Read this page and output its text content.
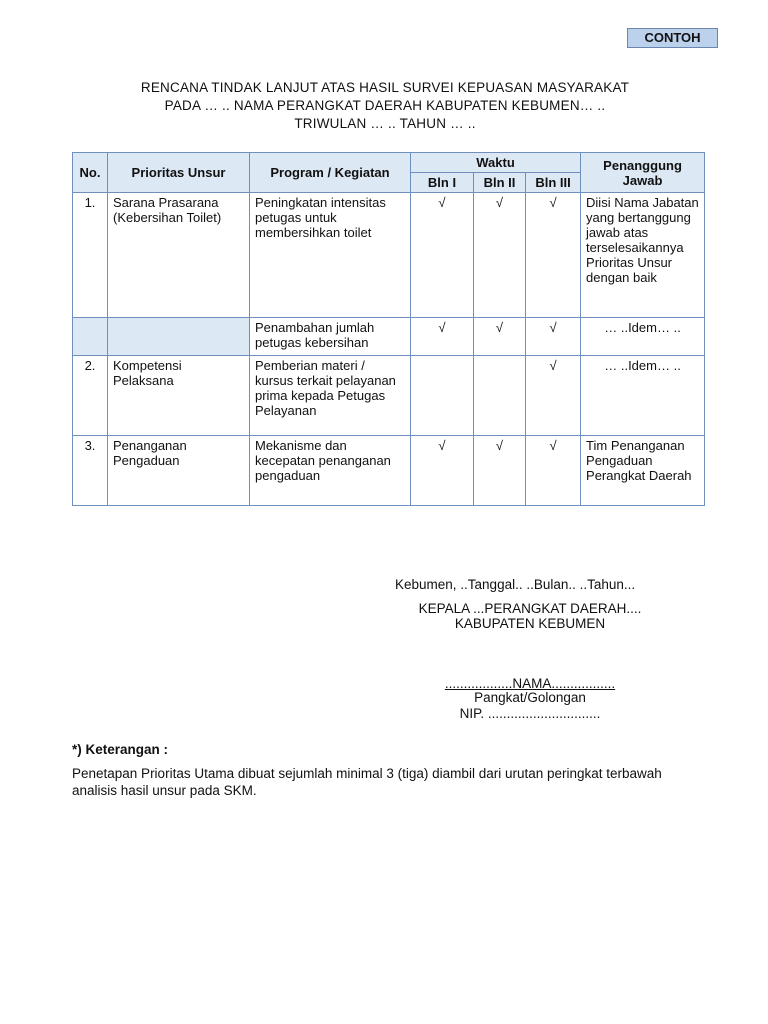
CONTOH
RENCANA TINDAK LANJUT ATAS HASIL SURVEI KEPUASAN MASYARAKAT
PADA … .. NAMA PERANGKAT DAERAH KABUPATEN KEBUMEN… ..
TRIWULAN … .. TAHUN … ..
No.	Prioritas Unsur	Program / Kegiatan	Waktu			Penanggung Jawab
			Bln I	Bln II	Bln III	
1.	Sarana Prasarana (Kebersihan Toilet)	Peningkatan intensitas petugas untuk membersihkan toilet	√	√	√	Diisi Nama Jabatan yang bertanggung jawab atas terselesaikannya Prioritas Unsur dengan baik
		Penambahan jumlah petugas kebersihan	√	√	√	… ..Idem… ..
2.	Kompetensi Pelaksana	Pemberian materi / kursus terkait pelayanan prima kepada Petugas Pelayanan			√	… ..Idem… ..
3.	Penanganan Pengaduan	Mekanisme dan kecepatan penanganan pengaduan	√	√	√	Tim Penanganan Pengaduan Perangkat Daerah
Kebumen, ..Tanggal.. ..Bulan.. ..Tahun...
KEPALA ...PERANGKAT DAERAH....
KABUPATEN KEBUMEN
..................NAMA.................
Pangkat/Golongan
NIP. ..............................
*) Keterangan :
Penetapan Prioritas Utama dibuat sejumlah minimal 3 (tiga) diambil dari urutan peringkat terbawah analisis hasil unsur pada SKM.
